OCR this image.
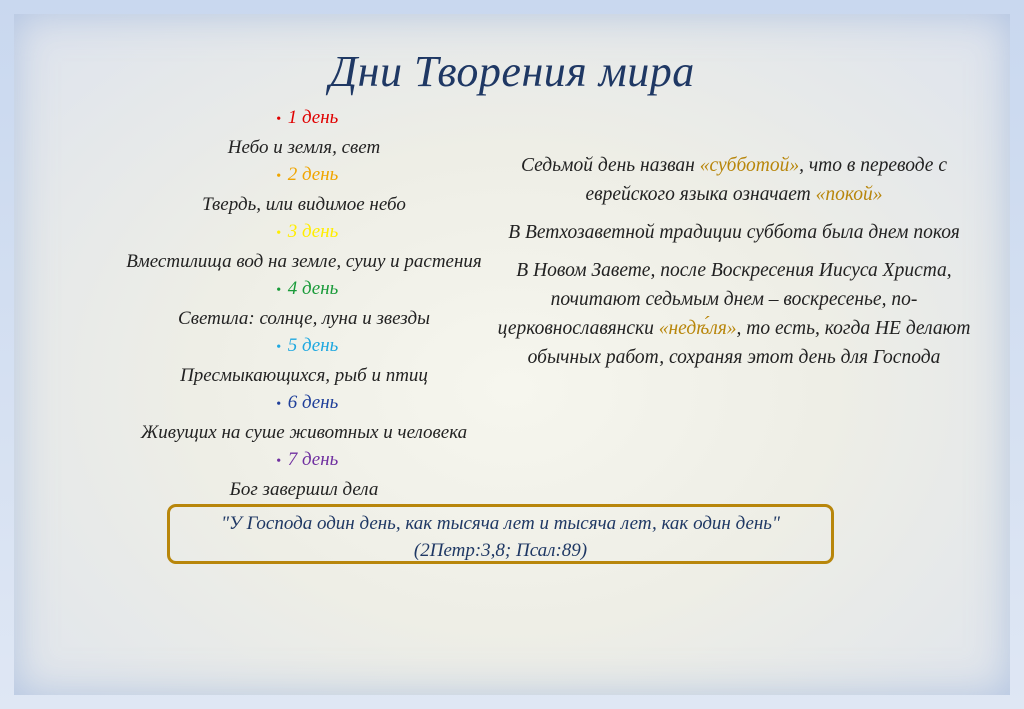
Дни Творения мира
• 1 день
Небо и земля, свет
• 2 день
Твердь, или видимое небо
• 3 день
Вместилища вод на земле, сушу и растения
• 4 день
Светила: солнце, луна и звезды
• 5 день
Пресмыкающихся, рыб и птиц
• 6 день
Живущих на суше животных и человека
• 7 день
Бог завершил дела

Седьмой день назван «субботой», что в переводе с еврейского языка означает «покой»

В Ветхозаветной традиции суббота была днем покоя

В Новом Завете, после Воскресения Иисуса Христа, почитают седьмым днем – воскресенье, по-церковнославянски «недѣ́ля», то есть, когда НЕ делают обычных работ, сохраняя этот день для Господа

"У Господа один день, как тысяча лет и тысяча лет, как один день"
(2Петр:3,8; Псал:89)
